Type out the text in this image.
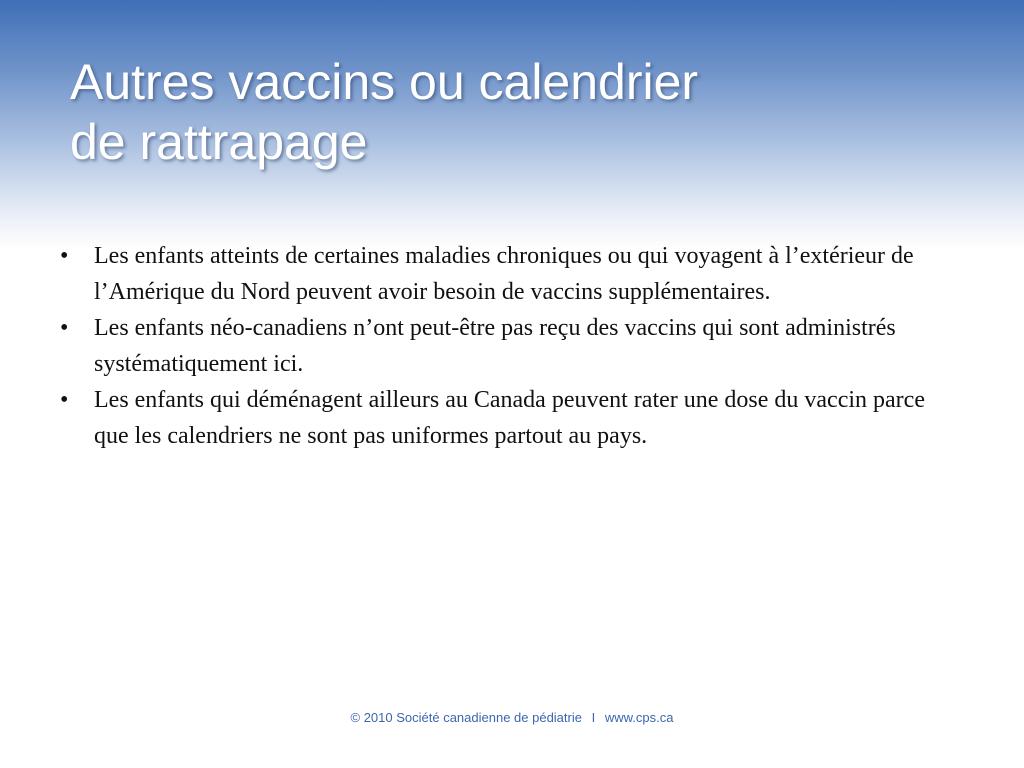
Autres vaccins ou calendrier
de rattrapage
•	Les enfants atteints de certaines maladies chroniques ou qui voyagent à l’extérieur de l’Amérique du Nord peuvent avoir besoin de vaccins supplémentaires.
•	Les enfants néo-canadiens n’ont peut-être pas reçu des vaccins qui sont administrés systématiquement ici.
•	Les enfants qui déménagent ailleurs au Canada peuvent rater une dose du vaccin parce que les calendriers ne sont pas uniformes partout au pays.
© 2010 Société canadienne de pédiatrie I www.cps.ca
